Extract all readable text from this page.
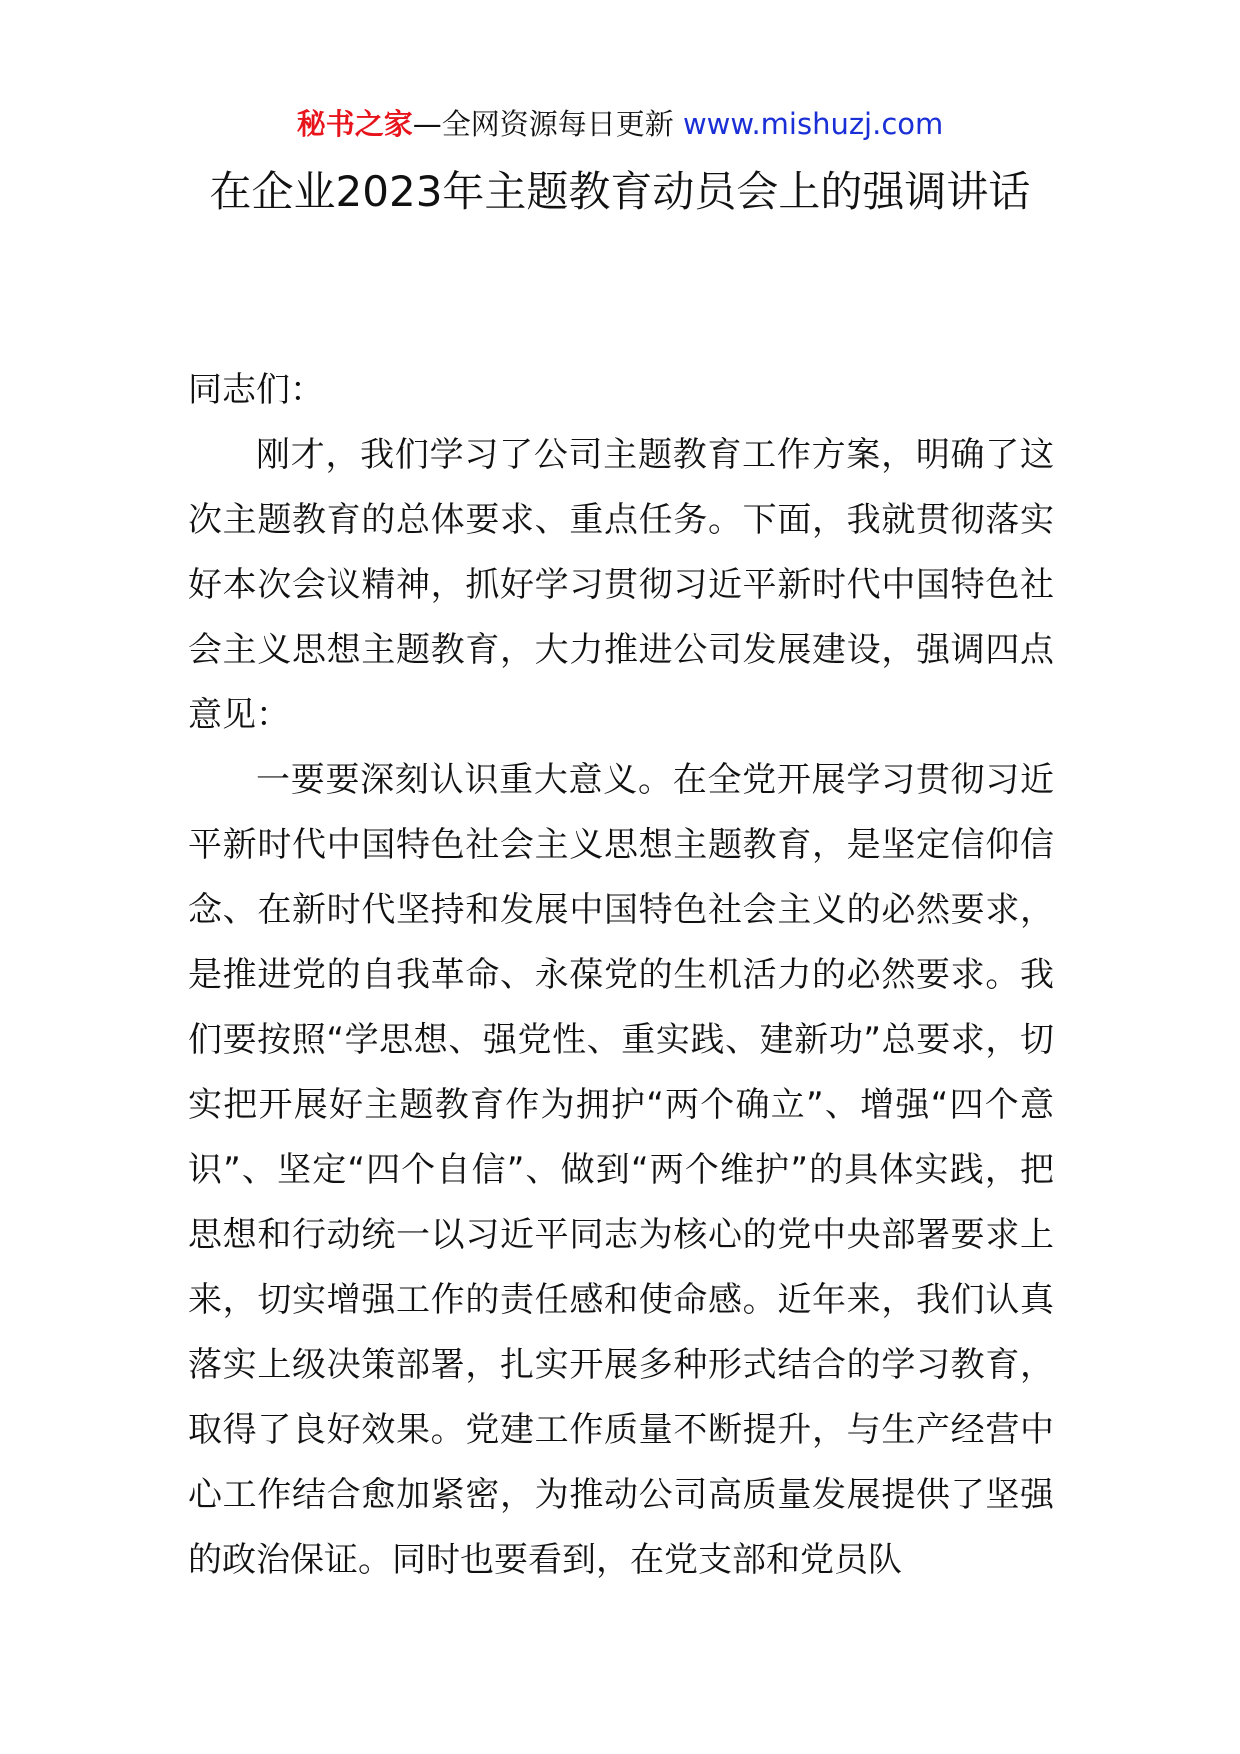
秘书之家—全网资源每日更新 www.mishuzj.com
在企业2023年主题教育动员会上的强调讲话

同志们：

刚才，我们学习了公司主题教育工作方案，明确了这次主题教育的总体要求、重点任务。下面，我就贯彻落实好本次会议精神，抓好学习贯彻习近平新时代中国特色社会主义思想主题教育，大力推进公司发展建设，强调四点意见：

一要要深刻认识重大意义。在全党开展学习贯彻习近平新时代中国特色社会主义思想主题教育，是坚定信仰信念、在新时代坚持和发展中国特色社会主义的必然要求，是推进党的自我革命、永葆党的生机活力的必然要求。我们要按照“学思想、强党性、重实践、建新功”总要求，切实把开展好主题教育作为拥护“两个确立”、增强“四个意识”、坚定“四个自信”、做到“两个维护”的具体实践，把思想和行动统一以习近平同志为核心的党中央部署要求上来，切实增强工作的责任感和使命感。近年来，我们认真落实上级决策部署，扎实开展多种形式结合的学习教育，取得了良好效果。党建工作质量不断提升，与生产经营中心工作结合愈加紧密，为推动公司高质量发展提供了坚强的政治保证。同时也要看到，在党支部和党员队
